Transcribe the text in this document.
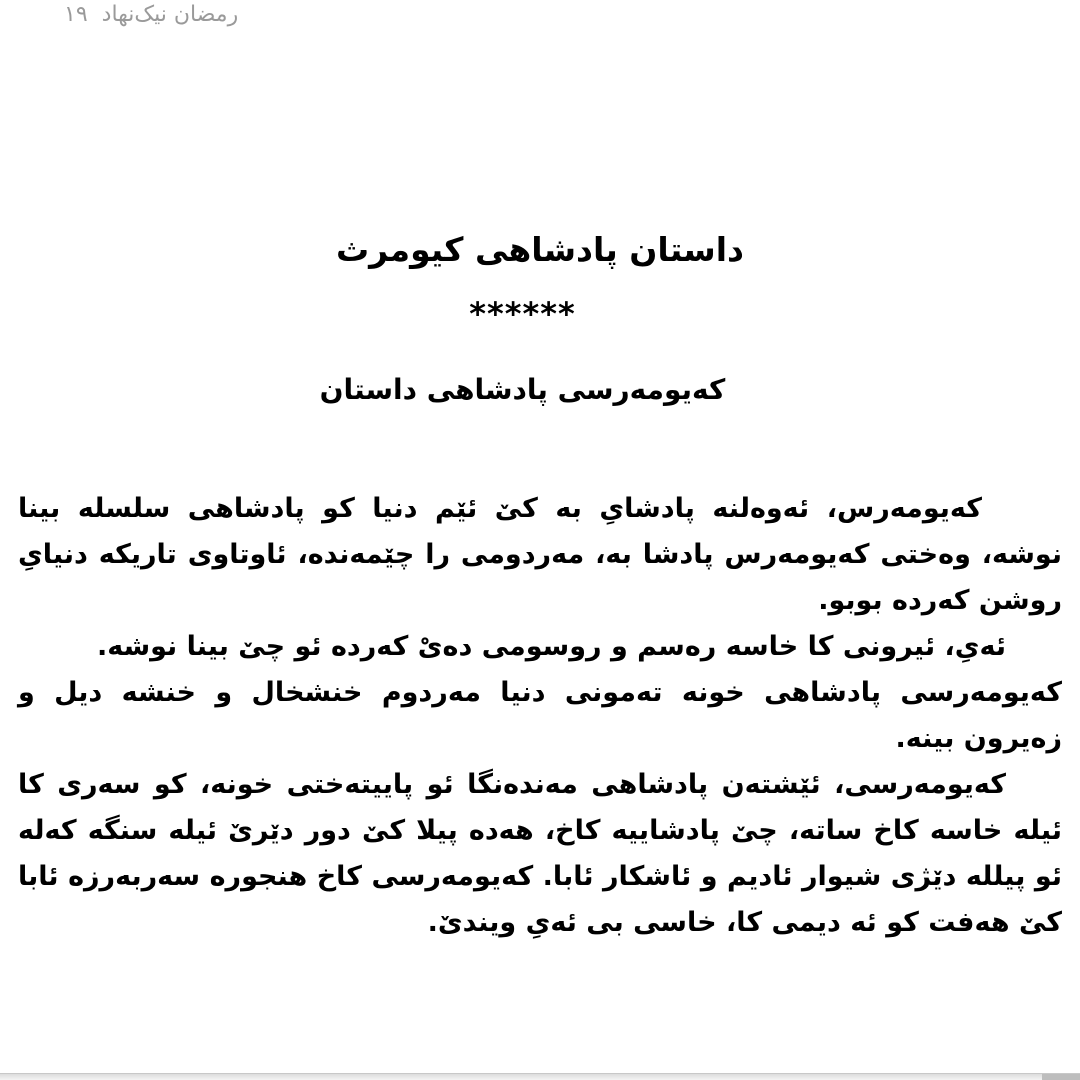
رمضان نیک‌نهاد۱۹
داستان پادشاهی کیومرث
******
کەیومەرسی پادشاهی داستان

کەیومەرس، ئەوەلنە پادشایِ بە کێ ئێم دنیا کو پادشاهی سلسلە بینا نوشە، وەختی کەیومەرس پادشا بە، مەردومی را چێمەندە، ئاوتاوی تاریکە دنیایِ روشن کەردە بوبو.

ئەیِ، ئیرونی کا خاسە رەسم و روسومی دەیْ کەردە ئو چێ بینا نوشە.

کەیومەرسی پادشاهی خونە تەمونی دنیا مەردوم خنشخال و خنشە دیل و زەیرون بینە.

کەیومەرسی، ئێشتەن پادشاهی مەندەنگا ئو پاییتەختی خونە، کو سەری کا ئیلە خاسە کاخ ساتە، چێ پادشاییە کاخ، هەدە پیلا کێ دور دێرێ ئیلە سنگە کەلە ئو پیللە دێژی شیوار ئادیم و ئاشکار ئابا. کەیومەرسی کاخ هنجورە سەربەرزە ئابا کێ هەفت کو ئە دیمی کا، خاسی بی ئەیِ ویندێ.
